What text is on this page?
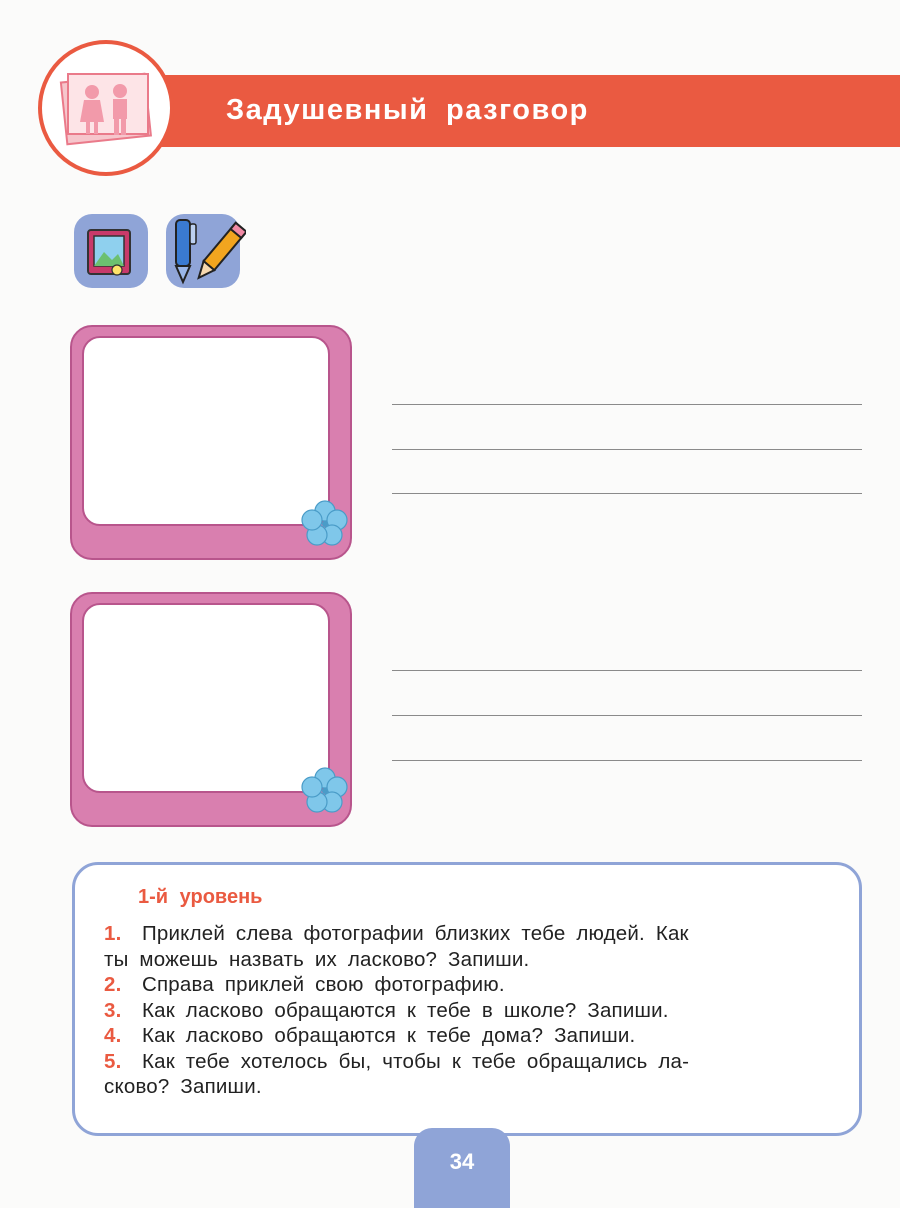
Задушевный разговор
1-й уровень
1. Приклей слева фотографии близких тебе людей. Как
ты можешь назвать их ласково? Запиши.
2. Справа приклей свою фотографию.
3. Как ласково обращаются к тебе в школе? Запиши.
4. Как ласково обращаются к тебе дома? Запиши.
5. Как тебе хотелось бы, чтобы к тебе обращались ла-
сково? Запиши.
34
